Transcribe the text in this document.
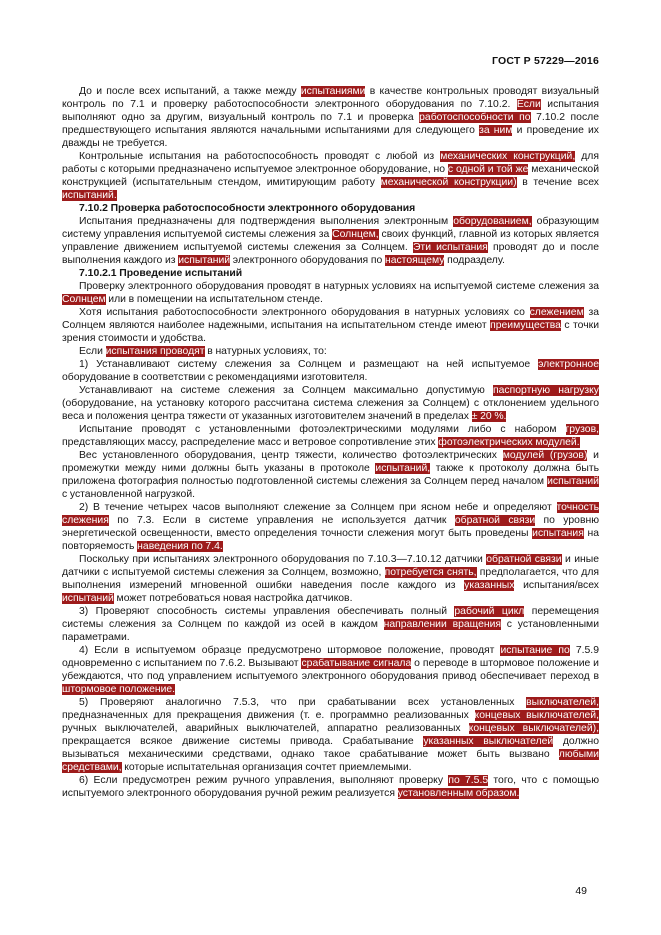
ГОСТ Р 57229—2016

До и после всех испытаний, а также между испытаниями в качестве контрольных проводят визуальный контроль по 7.1 и проверку работоспособности электронного оборудования по 7.10.2. Если испытания выполняют одно за другим, визуальный контроль по 7.1 и проверка работоспособности по 7.10.2 после предшествующего испытания являются начальными испытаниями для следующего за ним и проведение их дважды не требуется.

Контрольные испытания на работоспособность проводят с любой из механических конструкций, для работы с которыми предназначено испытуемое электронное оборудование, но с одной и той же механической конструкцией (испытательным стендом, имитирующим работу механической конструкции) в течение всех испытаний.

7.10.2 Проверка работоспособности электронного оборудования

Испытания предназначены для подтверждения выполнения электронным оборудованием, образующим систему управления испытуемой системы слежения за Солнцем, своих функций, главной из которых является управление движением испытуемой системы слежения за Солнцем. Эти испытания проводят до и после выполнения каждого из испытаний электронного оборудования по настоящему подразделу.

7.10.2.1 Проведение испытаний

Проверку электронного оборудования проводят в натурных условиях на испытуемой системе слежения за Солнцем или в помещении на испытательном стенде.

Хотя испытания работоспособности электронного оборудования в натурных условиях со слежением за Солнцем являются наиболее надежными, испытания на испытательном стенде имеют преимущества с точки зрения стоимости и удобства.

Если испытания проводят в натурных условиях, то:

1) Устанавливают систему слежения за Солнцем и размещают на ней испытуемое электронное оборудование в соответствии с рекомендациями изготовителя.

Устанавливают на системе слежения за Солнцем максимально допустимую паспортную нагрузку (оборудование, на установку которого рассчитана система слежения за Солнцем) с отклонением удельного веса и положения центра тяжести от указанных изготовителем значений в пределах ± 20 %.

Испытание проводят с установленными фотоэлектрическими модулями либо с набором грузов, представляющих массу, распределение масс и ветровое сопротивление этих фотоэлектрических модулей.

Вес установленного оборудования, центр тяжести, количество фотоэлектрических модулей (грузов) и промежутки между ними должны быть указаны в протоколе испытаний, также к протоколу должна быть приложена фотография полностью подготовленной системы слежения за Солнцем перед началом испытаний с установленной нагрузкой.

2) В течение четырех часов выполняют слежение за Солнцем при ясном небе и определяют точность слежения по 7.3. Если в системе управления не используется датчик обратной связи по уровню энергетической освещенности, вместо определения точности слежения могут быть проведены испытания на повторяемость наведения по 7.4.

Поскольку при испытаниях электронного оборудования по 7.10.3—7.10.12 датчики обратной связи и иные датчики с испытуемой системы слежения за Солнцем, возможно, потребуется снять, предполагается, что для выполнения измерений мгновенной ошибки наведения после каждого из указанных испытания/всех испытаний может потребоваться новая настройка датчиков.

3) Проверяют способность системы управления обеспечивать полный рабочий цикл перемещения системы слежения за Солнцем по каждой из осей в каждом направлении вращения с установленными параметрами.

4) Если в испытуемом образце предусмотрено штормовое положение, проводят испытание по 7.5.9 одновременно с испытанием по 7.6.2. Вызывают срабатывание сигнала о переводе в штормовое положение и убеждаются, что под управлением испытуемого электронного оборудования привод обеспечивает переход в штормовое положение.

5) Проверяют аналогично 7.5.3, что при срабатывании всех установленных выключателей, предназначенных для прекращения движения (т. е. программно реализованных концевых выключателей, ручных выключателей, аварийных выключателей, аппаратно реализованных концевых выключателей), прекращается всякое движение системы привода. Срабатывание указанных выключателей должно вызываться механическими средствами, однако такое срабатывание может быть вызвано любыми средствами, которые испытательная организация сочтет приемлемыми.

6) Если предусмотрен режим ручного управления, выполняют проверку по 7.5.5 того, что с помощью испытуемого электронного оборудования ручной режим реализуется установленным образом.

49
